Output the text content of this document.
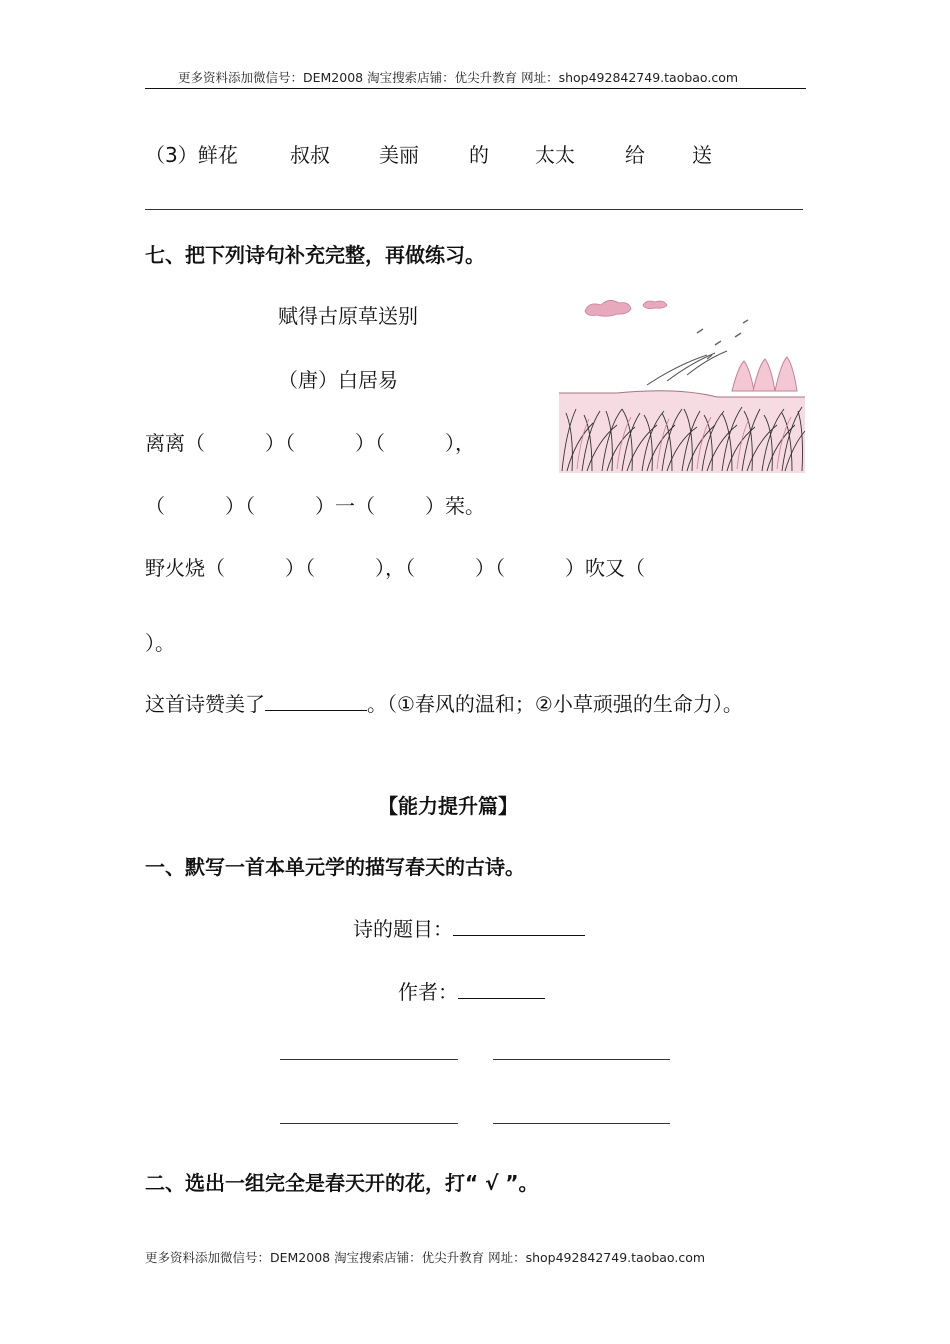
更多资料添加微信号：DEM2008 淘宝搜索店铺：优尖升教育 网址：shop492842749.taobao.com
（3）鲜花	叔叔 美丽	的 太太	给 送
七、把下列诗句补充完整，再做练习。
赋得古原草送别
（唐）白居易
离离（	）（	）（	），
（	）（	）一（	）荣。
野火烧（	）（	），（	）（	）吹又（
）。
这首诗赞美了	。（①春风的温和；②小草顽强的生命力）。
【能力提升篇】
一、默写一首本单元学的描写春天的古诗。
诗的题目：
作者：
二、选出一组完全是春天开的花，打“ √ ”。
更多资料添加微信号：DEM2008 淘宝搜索店铺：优尖升教育 网址：shop492842749.taobao.com
